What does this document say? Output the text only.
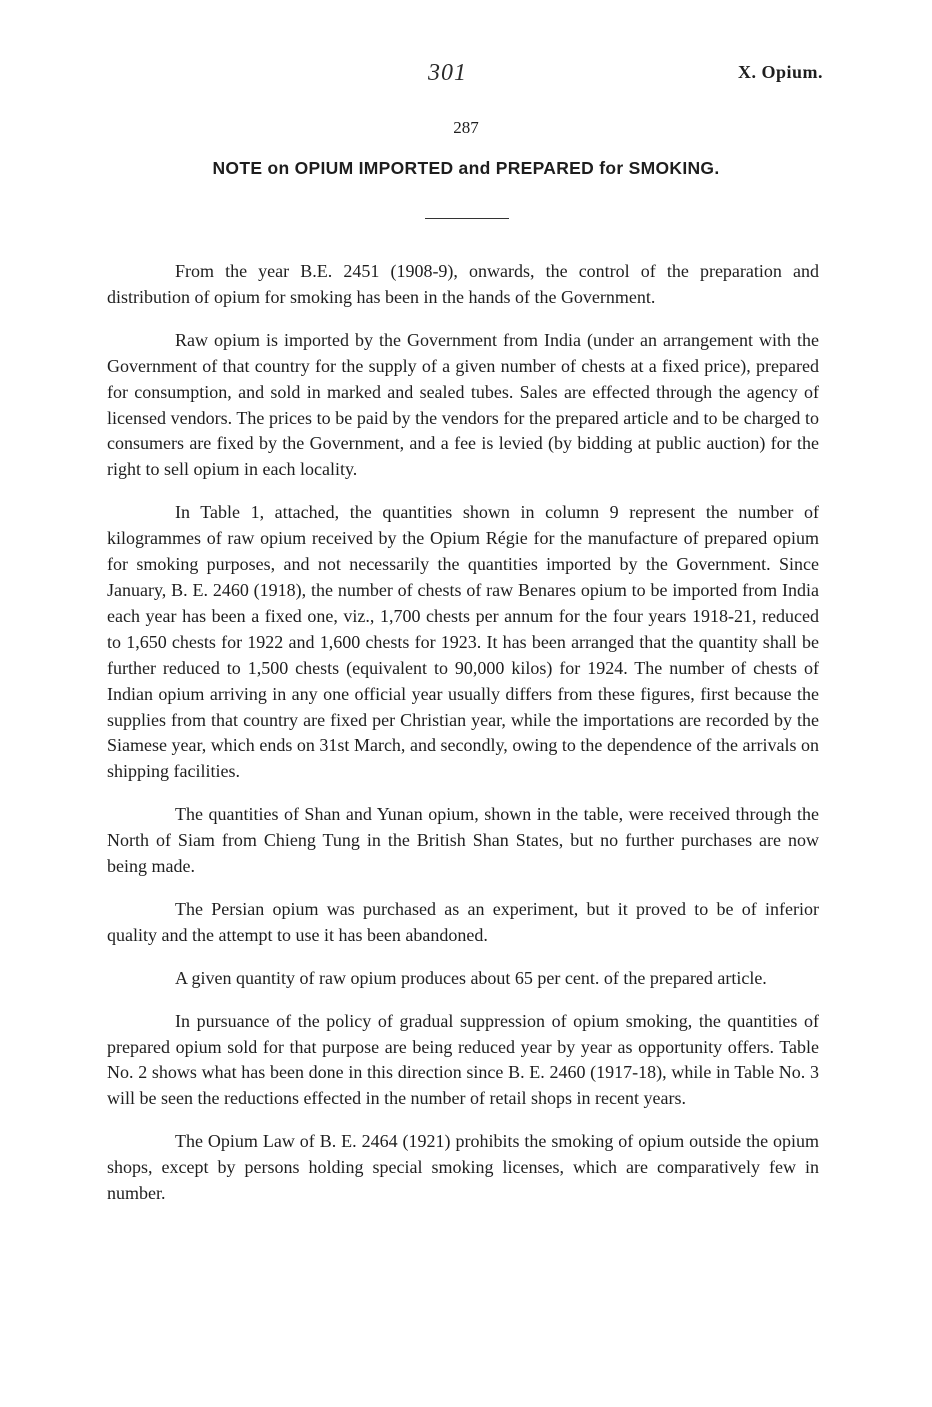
301	X. Opium.
287
NOTE on OPIUM IMPORTED and PREPARED for SMOKING.

From the year B.E. 2451 (1908-9), onwards, the control of the preparation and distribution of opium for smoking has been in the hands of the Government.

Raw opium is imported by the Government from India (under an arrangement with the Government of that country for the supply of a given number of chests at a fixed price), prepared for consumption, and sold in marked and sealed tubes. Sales are effected through the agency of licensed vendors. The prices to be paid by the vendors for the prepared article and to be charged to consumers are fixed by the Government, and a fee is levied (by bidding at public auction) for the right to sell opium in each locality.

In Table 1, attached, the quantities shown in column 9 represent the number of kilogrammes of raw opium received by the Opium Régie for the manufacture of prepared opium for smoking purposes, and not necessarily the quantities imported by the Government. Since January, B. E. 2460 (1918), the number of chests of raw Benares opium to be imported from India each year has been a fixed one, viz., 1,700 chests per annum for the four years 1918-21, reduced to 1,650 chests for 1922 and 1,600 chests for 1923. It has been arranged that the quantity shall be further reduced to 1,500 chests (equivalent to 90,000 kilos) for 1924. The number of chests of Indian opium arriving in any one official year usually differs from these figures, first because the supplies from that country are fixed per Christian year, while the importations are recorded by the Siamese year, which ends on 31st March, and secondly, owing to the dependence of the arrivals on shipping facilities.

The quantities of Shan and Yunan opium, shown in the table, were received through the North of Siam from Chieng Tung in the British Shan States, but no further purchases are now being made.

The Persian opium was purchased as an experiment, but it proved to be of inferior quality and the attempt to use it has been abandoned.

A given quantity of raw opium produces about 65 per cent. of the prepared article.

In pursuance of the policy of gradual suppression of opium smoking, the quantities of prepared opium sold for that purpose are being reduced year by year as opportunity offers. Table No. 2 shows what has been done in this direction since B. E. 2460 (1917-18), while in Table No. 3 will be seen the reductions effected in the number of retail shops in recent years.

The Opium Law of B. E. 2464 (1921) prohibits the smoking of opium outside the opium shops, except by persons holding special smoking licenses, which are comparatively few in number.
